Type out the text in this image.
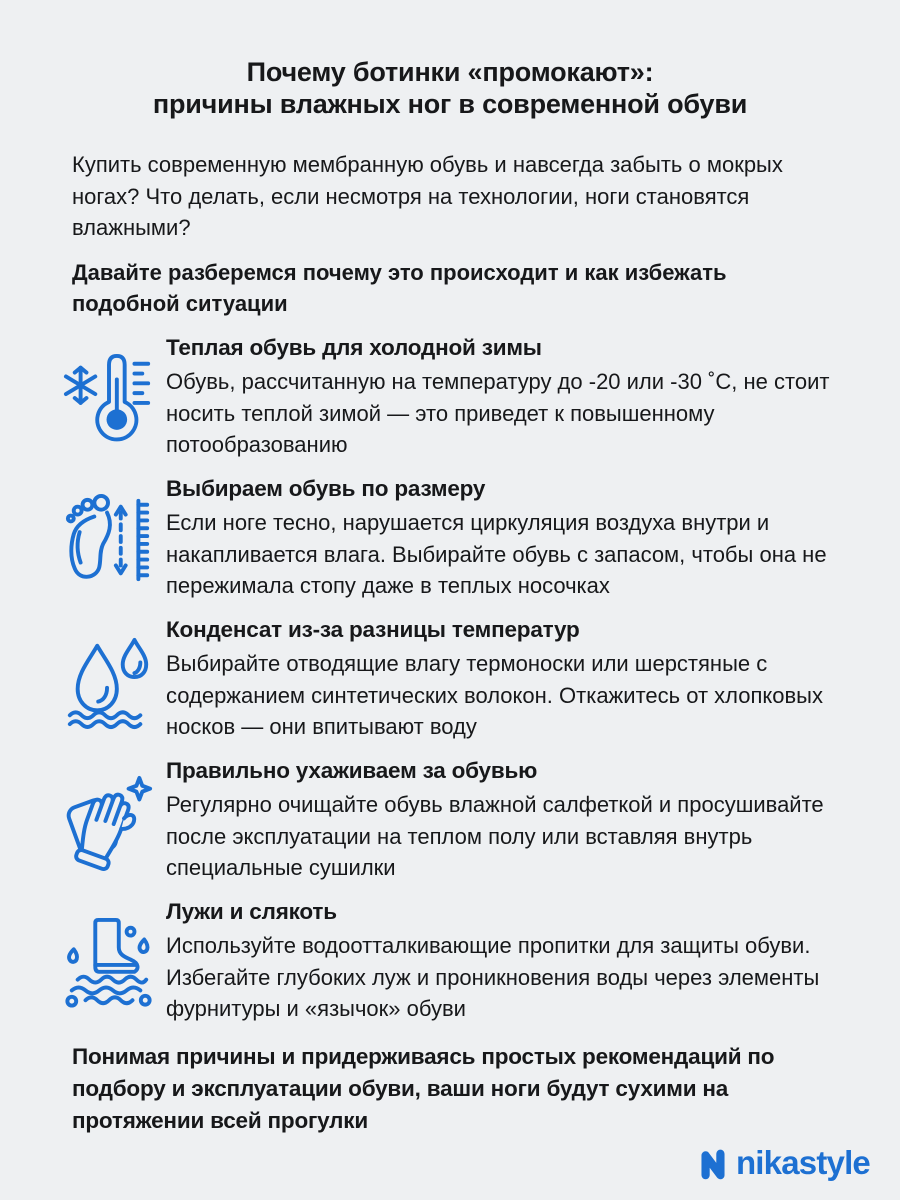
Почему ботинки «промокают»:
причины влажных ног в современной обуви

Купить современную мембранную обувь и навсегда забыть о мокрых ногах? Что делать, если несмотря на технологии, ноги становятся влажными?

Давайте разберемся почему это происходит и как избежать подобной ситуации

Теплая обувь для холодной зимы

Обувь, рассчитанную на температуру до -20 или -30 ˚C, не стоит носить теплой зимой — это приведет к повышенному потообразованию

Выбираем обувь по размеру

Если ноге тесно, нарушается циркуляция воздуха внутри и накапливается влага. Выбирайте обувь с запасом, чтобы она не пережимала стопу даже в теплых носочках

Конденсат из-за разницы температур

Выбирайте отводящие влагу термоноски или шерстяные с содержанием синтетических волокон. Откажитесь от хлопковых носков — они впитывают воду

Правильно ухаживаем за обувью

Регулярно очищайте обувь влажной салфеткой и просушивайте после эксплуатации на теплом полу или вставляя внутрь специальные сушилки

Лужи и слякоть

Используйте водоотталкивающие пропитки для защиты обуви. Избегайте глубоких луж и проникновения воды через элементы фурнитуры и «язычок» обуви

Понимая причины и придерживаясь простых рекомендаций по подбору и эксплуатации обуви, ваши ноги будут сухими на протяжении всей прогулки

nikastyle
